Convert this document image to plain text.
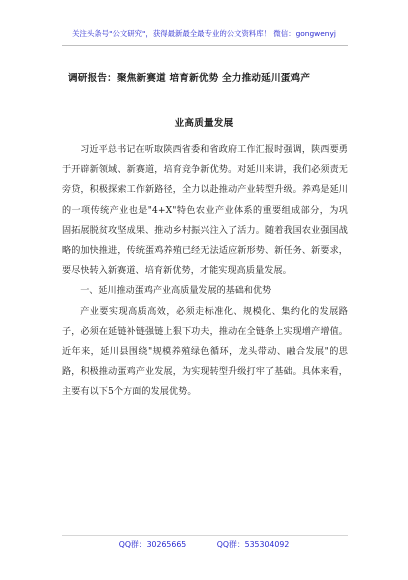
关注头条号"公文研究"，获得最新最全最专业的公文资料库！ 微信：gongwenyj
调研报告：聚焦新赛道 培育新优势 全力推动延川蛋鸡产
业高质量发展

习近平总书记在听取陕西省委和省政府工作汇报时强调，陕西要勇于开辟新领域、新赛道，培育竞争新优势。对延川来讲，我们必须责无旁贷，积极探索工作新路径，全力以赴推动产业转型升级。养鸡是延川的一项传统产业也是"4+X"特色农业产业体系的重要组成部分，为巩固拓展脱贫攻坚成果、推动乡村振兴注入了活力。随着我国农业强国战略的加快推进，传统蛋鸡养殖已经无法适应新形势、新任务、新要求，要尽快转入新赛道、培育新优势，才能实现高质量发展。

一、延川推动蛋鸡产业高质量发展的基础和优势

产业要实现高质高效，必须走标准化、规模化、集约化的发展路子，必须在延链补链强链上狠下功夫，推动在全链条上实现增产增值。近年来，延川县围绕"规模养殖绿色循环，龙头带动、融合发展"的思路，积极推动蛋鸡产业发展，为实现转型升级打牢了基础。具体来看，主要有以下5个方面的发展优势。

QQ群：30265665	QQ群：535304092
